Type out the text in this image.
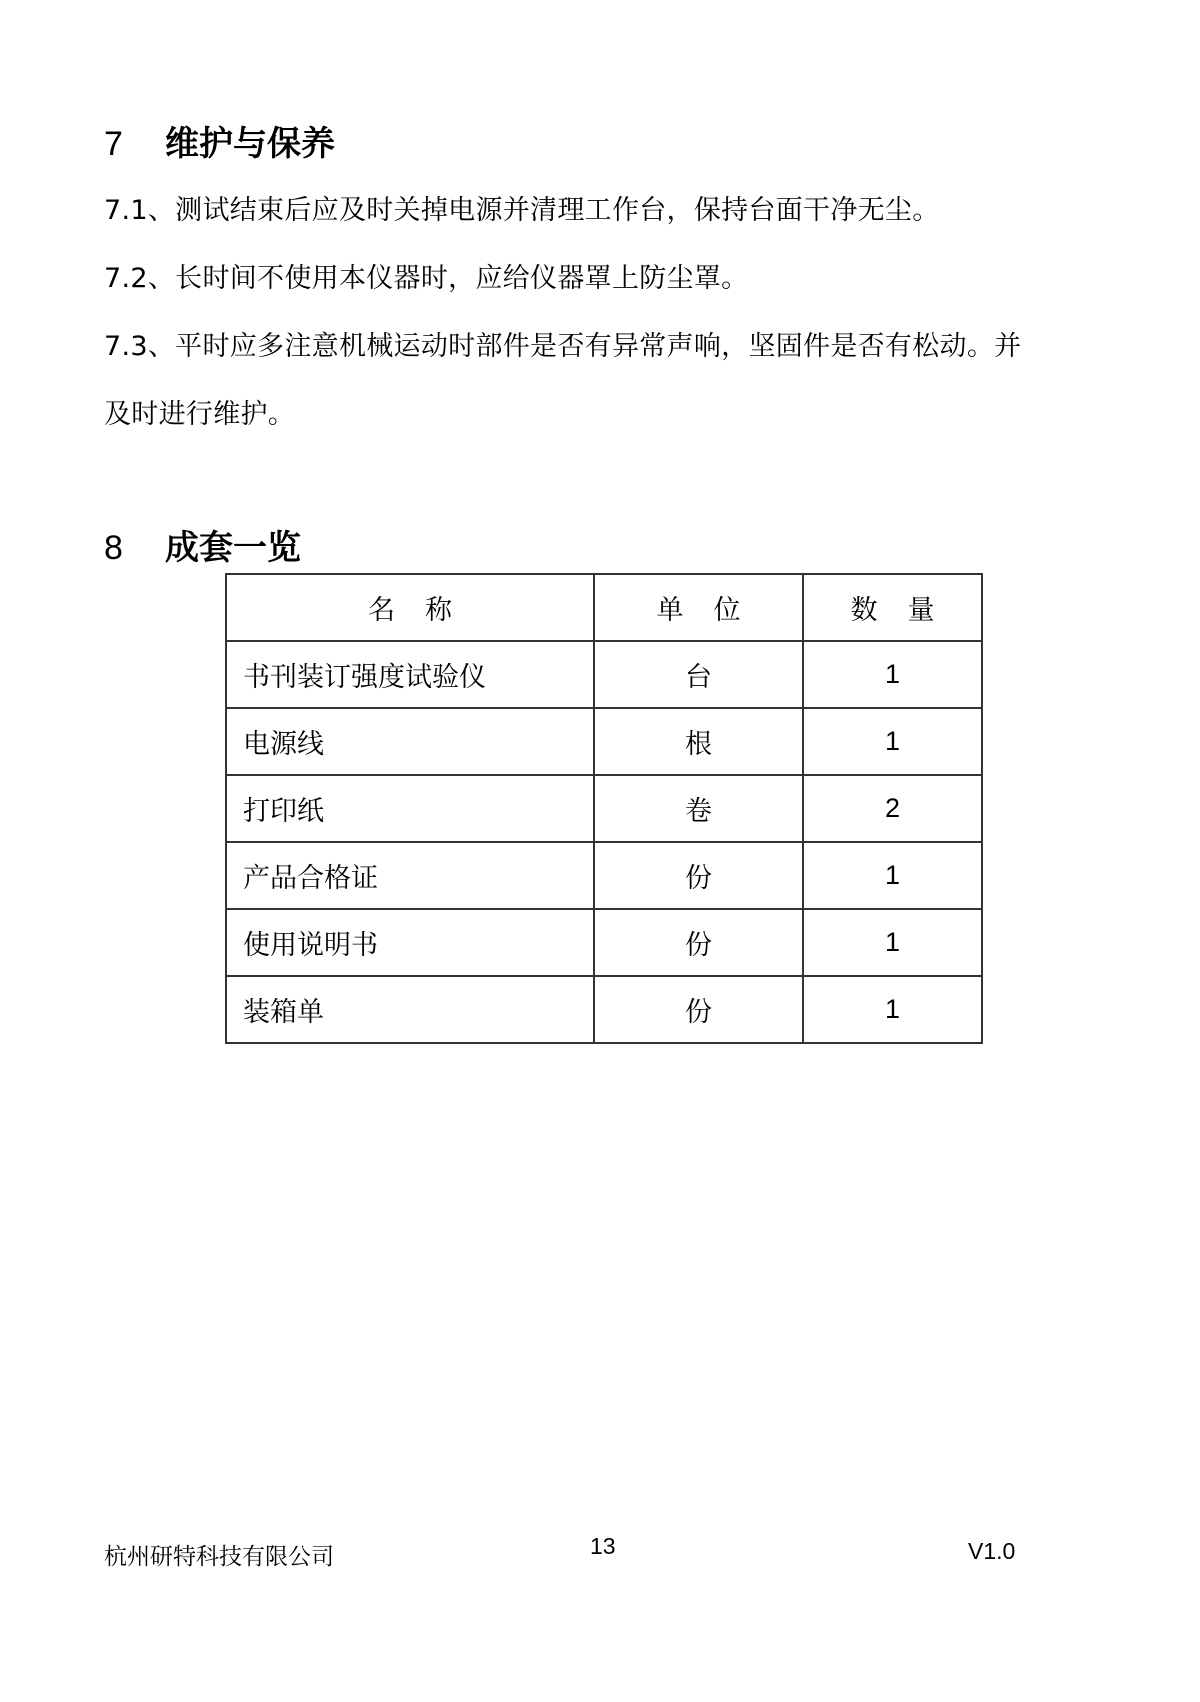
7	维护与保养
7.1、测试结束后应及时关掉电源并清理工作台，保持台面干净无尘。
7.2、长时间不使用本仪器时，应给仪器罩上防尘罩。
7.3、平时应多注意机械运动时部件是否有异常声响，坚固件是否有松动。并
及时进行维护。
8	成套一览
名称	单位	数量
书刊装订强度试验仪	台	1
电源线	根	1
打印纸	卷	2
产品合格证	份	1
使用说明书	份	1
装箱单	份	1
杭州研特科技有限公司	13	V1.0
